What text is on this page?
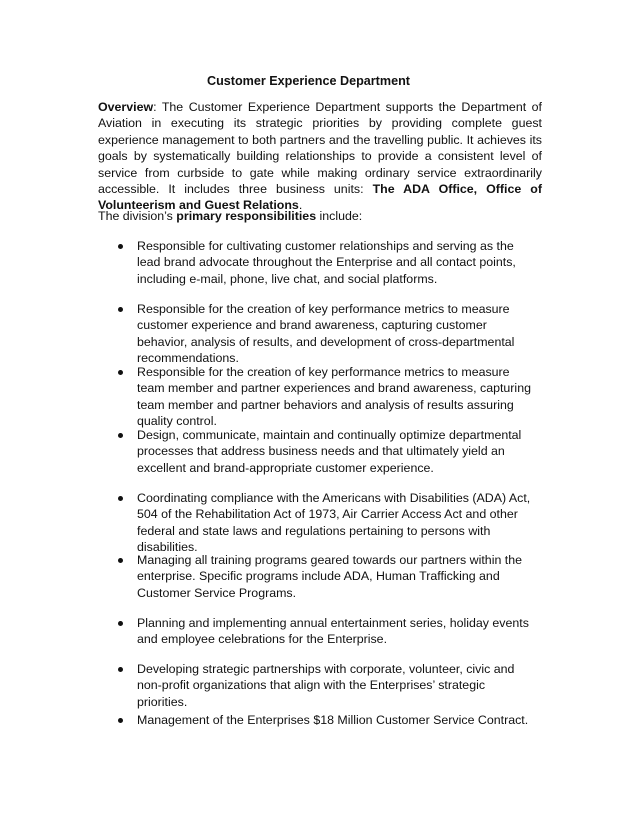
Customer Experience Department
Overview: The Customer Experience Department supports the Department of Aviation in executing its strategic priorities by providing complete guest experience management to both partners and the travelling public. It achieves its goals by systematically building relationships to provide a consistent level of service from curbside to gate while making ordinary service extraordinarily accessible. It includes three business units: The ADA Office, Office of Volunteerism and Guest Relations.
The division’s primary responsibilities include:
Responsible for cultivating customer relationships and serving as the lead brand advocate throughout the Enterprise and all contact points, including e-mail, phone, live chat, and social platforms.
Responsible for the creation of key performance metrics to measure customer experience and brand awareness, capturing customer behavior, analysis of results, and development of cross-departmental recommendations.
Responsible for the creation of key performance metrics to measure team member and partner experiences and brand awareness, capturing team member and partner behaviors and analysis of results assuring quality control.
Design, communicate, maintain and continually optimize departmental processes that address business needs and that ultimately yield an excellent and brand-appropriate customer experience.
Coordinating compliance with the Americans with Disabilities (ADA) Act, 504 of the Rehabilitation Act of 1973, Air Carrier Access Act and other federal and state laws and regulations pertaining to persons with disabilities.
Managing all training programs geared towards our partners within the enterprise. Specific programs include ADA, Human Trafficking and Customer Service Programs.
Planning and implementing annual entertainment series, holiday events and employee celebrations for the Enterprise.
Developing strategic partnerships with corporate, volunteer, civic and non-profit organizations that align with the Enterprises’ strategic priorities.
Management of the Enterprises $18 Million Customer Service Contract.
